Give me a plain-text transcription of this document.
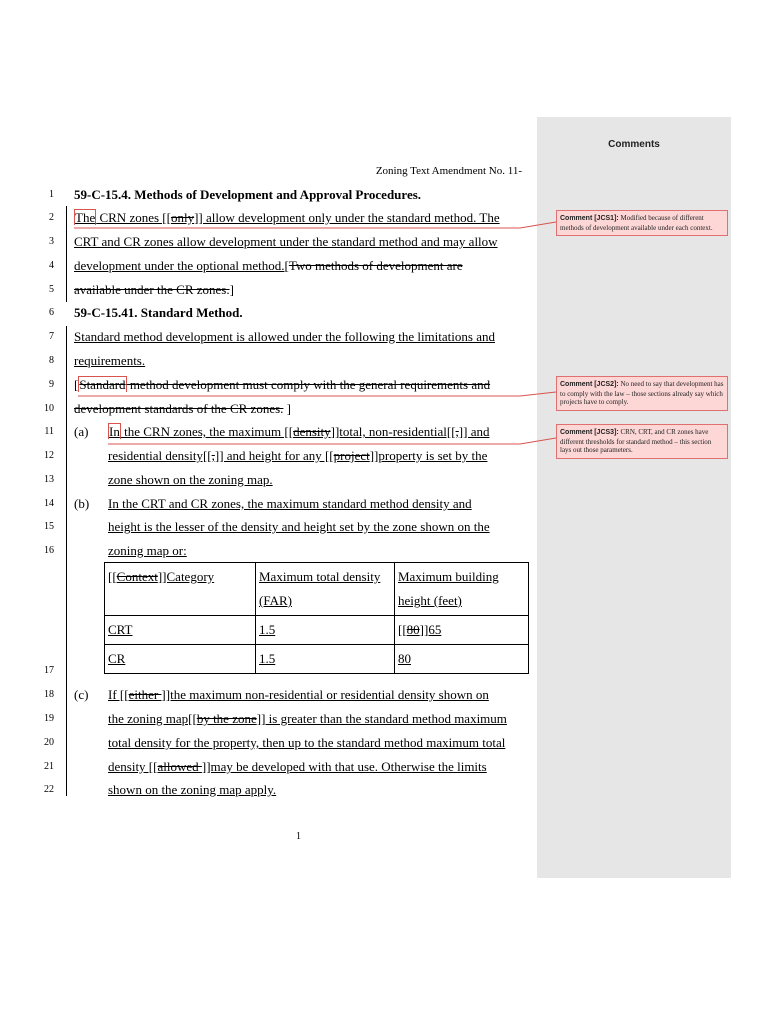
Comments
Zoning Text Amendment No. 11-
1 59-C-15.4. Methods of Development and Approval Procedures.
2 The CRN zones [[only]] allow development only under the standard method. The
3 CRT and CR zones allow development under the standard method and may allow
4 development under the optional method.[Two methods of development are
5 available under the CR zones.]
6 59-C-15.41. Standard Method.
7 Standard method development is allowed under the following the limitations and
8 requirements.
9 [Standard method development must comply with the general requirements and
10 development standards of the CR zones. ]
11 (a) In the CRN zones, the maximum [[density]]total, non-residential[[,]] and
12	residential density[[,]] and height for any [[project]]property is set by the
13	zone shown on the zoning map.
14 (b) In the CRT and CR zones, the maximum standard method density and
15	height is the lesser of the density and height set by the zone shown on the
16	zoning map or:
17
18 (c) If [[either ]]the maximum non-residential or residential density shown on
19	the zoning map[[by the zone]] is greater than the standard method maximum
20	total density for the property, then up to the standard method maximum total
21	density [[allowed ]]may be developed with that use. Otherwise the limits
22	shown on the zoning map apply.
[[Context]]Category	Maximum total density (FAR)	Maximum building height (feet)
CRT	1.5	[[80]]65
CR	1.5	80
Comment [JCS1]: Modified because of different methods of development available under each context.
Comment [JCS2]: No need to say that development has to comply with the law – those sections already say which projects have to comply.
Comment [JCS3]: CRN, CRT, and CR zones have different thresholds for standard method – this section lays out those parameters.
1
